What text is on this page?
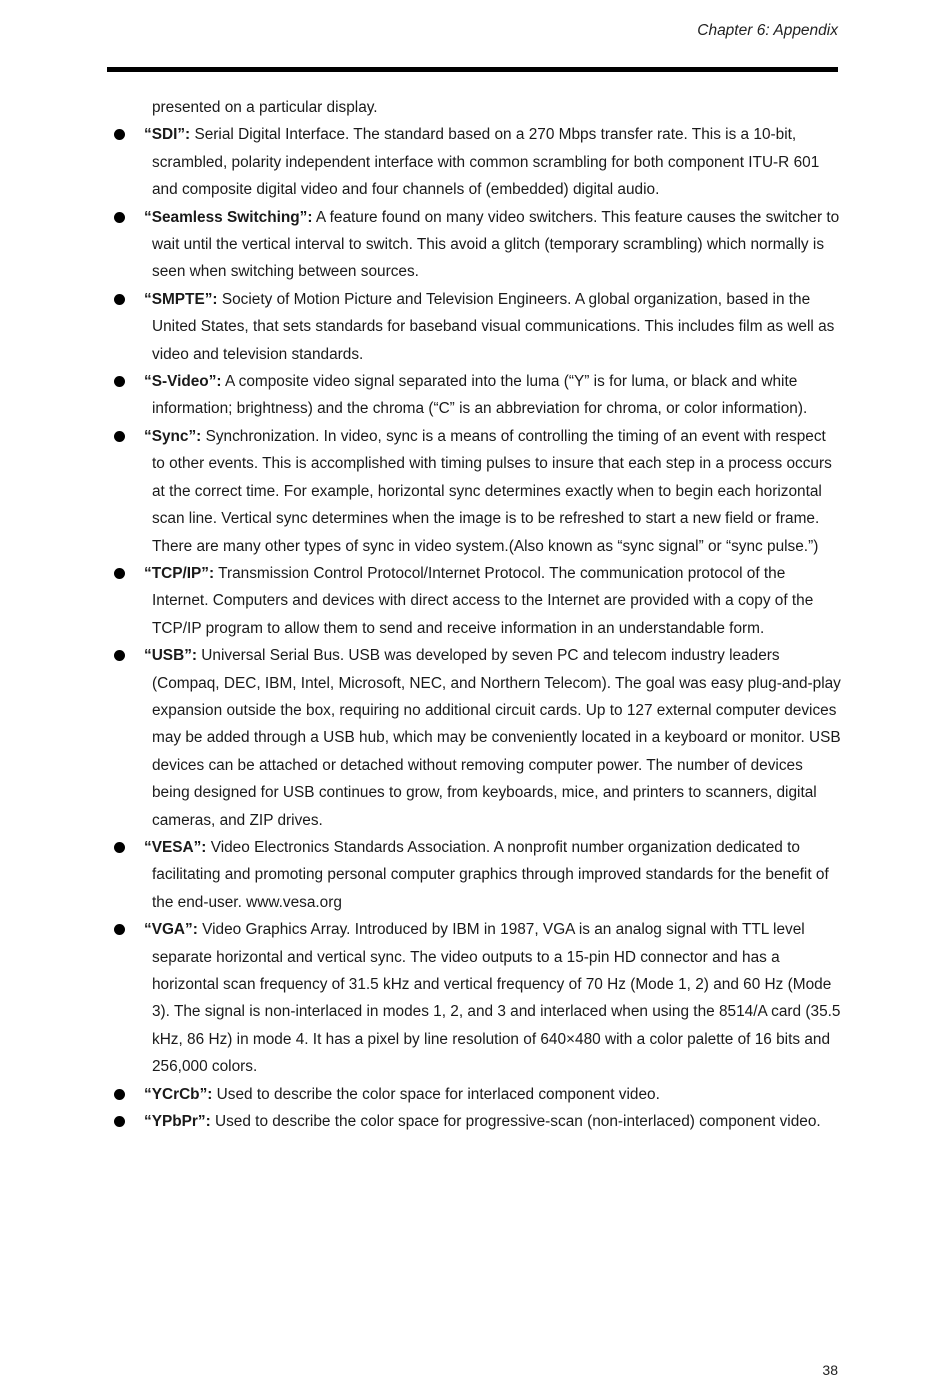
Chapter 6: Appendix

presented on a particular display.

“SDI”: Serial Digital Interface. The standard based on a 270 Mbps transfer rate. This is a 10-bit, scrambled, polarity independent interface with common scrambling for both component ITU-R 601 and composite digital video and four channels of (embedded) digital audio.
“Seamless Switching”: A feature found on many video switchers. This feature causes the switcher to wait until the vertical interval to switch. This avoid a glitch (temporary scrambling) which normally is seen when switching between sources.
“SMPTE”: Society of Motion Picture and Television Engineers. A global organization, based in the United States, that sets standards for baseband visual communications. This includes film as well as video and television standards.
“S-Video”: A composite video signal separated into the luma (“Y” is for luma, or black and white information; brightness) and the chroma (“C” is an abbreviation for chroma, or color information).
“Sync”: Synchronization. In video, sync is a means of controlling the timing of an event with respect to other events. This is accomplished with timing pulses to insure that each step in a process occurs at the correct time. For example, horizontal sync determines exactly when to begin each horizontal scan line. Vertical sync determines when the image is to be refreshed to start a new field or frame. There are many other types of sync in video system.(Also known as “sync signal” or “sync pulse.”)
“TCP/IP”: Transmission Control Protocol/Internet Protocol. The communication protocol of the Internet. Computers and devices with direct access to the Internet are provided with a copy of the TCP/IP program to allow them to send and receive information in an understandable form.
“USB”: Universal Serial Bus. USB was developed by seven PC and telecom industry leaders (Compaq, DEC, IBM, Intel, Microsoft, NEC, and Northern Telecom). The goal was easy plug-and-play expansion outside the box, requiring no additional circuit cards. Up to 127 external computer devices may be added through a USB hub, which may be conveniently located in a keyboard or monitor. USB devices can be attached or detached without removing computer power. The number of devices being designed for USB continues to grow, from keyboards, mice, and printers to scanners, digital cameras, and ZIP drives.
“VESA”: Video Electronics Standards Association. A nonprofit number organization dedicated to facilitating and promoting personal computer graphics through improved standards for the benefit of the end-user. www.vesa.org
“VGA”: Video Graphics Array. Introduced by IBM in 1987, VGA is an analog signal with TTL level separate horizontal and vertical sync. The video outputs to a 15-pin HD connector and has a horizontal scan frequency of 31.5 kHz and vertical frequency of 70 Hz (Mode 1, 2) and 60 Hz (Mode 3). The signal is non-interlaced in modes 1, 2, and 3 and interlaced when using the 8514/A card (35.5 kHz, 86 Hz) in mode 4. It has a pixel by line resolution of 640×480 with a color palette of 16 bits and 256,000 colors.
“YCrCb”: Used to describe the color space for interlaced component video.
“YPbPr”: Used to describe the color space for progressive-scan (non-interlaced) component video.
38
